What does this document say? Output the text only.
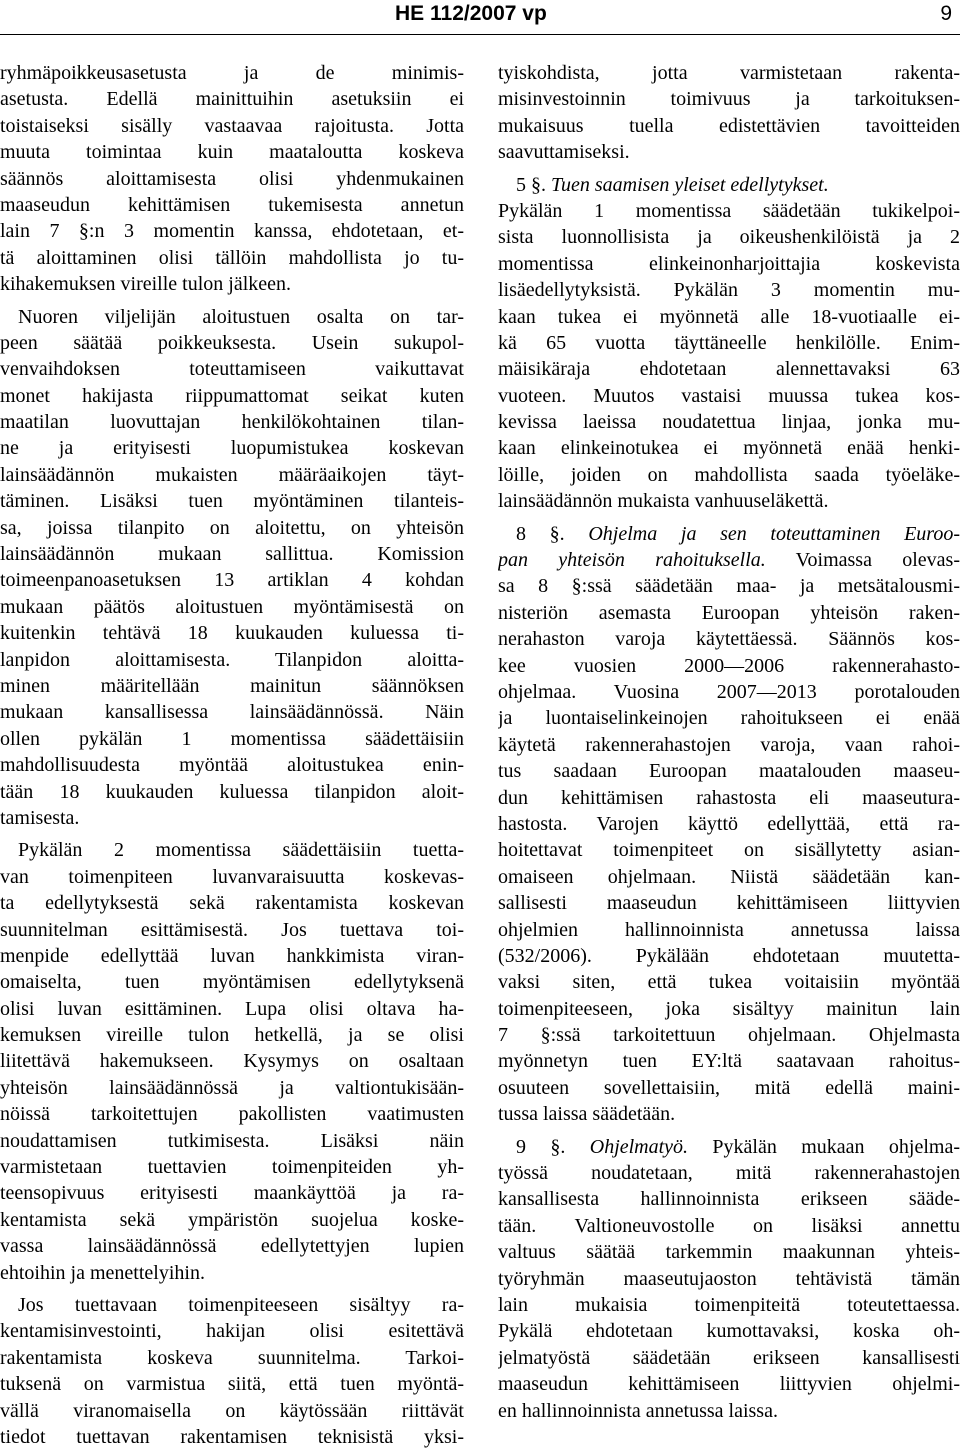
HE 112/2007 vp	9
ryhmäpoikkeusasetusta ja de minimis-
asetusta. Edellä mainittuihin asetuksiin ei
toistaiseksi sisälly vastaavaa rajoitusta. Jotta
muuta toimintaa kuin maataloutta koskeva
säännös aloittamisesta olisi yhdenmukainen
maaseudun kehittämisen tukemisesta annetun
lain 7 §:n 3 momentin kanssa, ehdotetaan, et-
tä aloittaminen olisi tällöin mahdollista jo tu-
kihakemuksen vireille tulon jälkeen.
Nuoren viljelijän aloitustuen osalta on tar-
peen säätää poikkeuksesta. Usein sukupol-
venvaihdoksen toteuttamiseen vaikuttavat
monet hakijasta riippumattomat seikat kuten
maatilan luovuttajan henkilökohtainen tilan-
ne ja erityisesti luopumistukea koskevan
lainsäädännön mukaisten määräaikojen täyt-
täminen. Lisäksi tuen myöntäminen tilanteis-
sa, joissa tilanpito on aloitettu, on yhteisön
lainsäädännön mukaan sallittua. Komission
toimeenpanoasetuksen 13 artiklan 4 kohdan
mukaan päätös aloitustuen myöntämisestä on
kuitenkin tehtävä 18 kuukauden kuluessa ti-
lanpidon aloittamisesta. Tilanpidon aloitta-
minen määritellään mainitun säännöksen
mukaan kansallisessa lainsäädännössä. Näin
ollen pykälän 1 momentissa säädettäisiin
mahdollisuudesta myöntää aloitustukea enin-
tään 18 kuukauden kuluessa tilanpidon aloit-
tamisesta.
Pykälän 2 momentissa säädettäisiin tuetta-
van toimenpiteen luvanvaraisuutta koskevas-
ta edellytyksestä sekä rakentamista koskevan
suunnitelman esittämisestä. Jos tuettava toi-
menpide edellyttää luvan hankkimista viran-
omaiselta, tuen myöntämisen edellytyksenä
olisi luvan esittäminen. Lupa olisi oltava ha-
kemuksen vireille tulon hetkellä, ja se olisi
liitettävä hakemukseen. Kysymys on osaltaan
yhteisön lainsäädännössä ja valtiontukisään-
nöissä tarkoitettujen pakollisten vaatimusten
noudattamisen tutkimisesta. Lisäksi näin
varmistetaan tuettavien toimenpiteiden yh-
teensopivuus erityisesti maankäyttöä ja ra-
kentamista sekä ympäristön suojelua koske-
vassa lainsäädännössä edellytettyjen lupien
ehtoihin ja menettelyihin.
Jos tuettavaan toimenpiteeseen sisältyy ra-
kentamisinvestointi, hakijan olisi esitettävä
rakentamista koskeva suunnitelma. Tarkoi-
tuksenä on varmistua siitä, että tuen myöntä-
vällä viranomaisella on käytössään riittävät
tiedot tuettavan rakentamisen teknisistä yksi-
tyiskohdista, jotta varmistetaan rakenta-
misinvestoinnin toimivuus ja tarkoituksen-
mukaisuus tuella edistettävien tavoitteiden
saavuttamiseksi.
5 §. Tuen saamisen yleiset edellytykset.
Pykälän 1 momentissa säädetään tukikelpoi-
sista luonnollisista ja oikeushenkilöistä ja 2
momentissa elinkeinonharjoittajia koskevista
lisäedellytyksistä. Pykälän 3 momentin mu-
kaan tukea ei myönnetä alle 18-vuotiaalle ei-
kä 65 vuotta täyttäneelle henkilölle. Enim-
mäisikäraja ehdotetaan alennettavaksi 63
vuoteen. Muutos vastaisi muussa tukea kos-
kevissa laeissa noudatettua linjaa, jonka mu-
kaan elinkeinotukea ei myönnetä enää henki-
löille, joiden on mahdollista saada työeläke-
lainsäädännön mukaista vanhuuseläkettä.
8 §. Ohjelma ja sen toteuttaminen Euroo-
pan yhteisön rahoituksella. Voimassa olevas-
sa 8 §:ssä säädetään maa- ja metsätalousmi-
nisteriön asemasta Euroopan yhteisön raken-
nerahaston varoja käytettäessä. Säännös kos-
kee vuosien 2000—2006 rakennerahasto-
ohjelmaa. Vuosina 2007—2013 porotalouden
ja luontaiselinkeinojen rahoitukseen ei enää
käytetä rakennerahastojen varoja, vaan rahoi-
tus saadaan Euroopan maatalouden maaseu-
dun kehittämisen rahastosta eli maaseutura-
hastosta. Varojen käyttö edellyttää, että ra-
hoitettavat toimenpiteet on sisällytetty asian-
omaiseen ohjelmaan. Niistä säädetään kan-
sallisesti maaseudun kehittämiseen liittyvien
ohjelmien hallinnoinnista annetussa laissa
(532/2006). Pykälään ehdotetaan muutetta-
vaksi siten, että tukea voitaisiin myöntää
toimenpiteeseen, joka sisältyy mainitun lain
7 §:ssä tarkoitettuun ohjelmaan. Ohjelmasta
myönnetyn tuen EY:ltä saatavaan rahoitus-
osuuteen sovellettaisiin, mitä edellä maini-
tussa laissa säädetään.
9 §. Ohjelmatyö. Pykälän mukaan ohjelma-
työssä noudatetaan, mitä rakennerahastojen
kansallisesta hallinnoinnista erikseen sääde-
tään. Valtioneuvostolle on lisäksi annettu
valtuus säätää tarkemmin maakunnan yhteis-
työryhmän maaseutujaoston tehtävistä tämän
lain mukaisia toimenpiteitä toteutettaessa.
Pykälä ehdotetaan kumottavaksi, koska oh-
jelmatyöstä säädetään erikseen kansallisesti
maaseudun kehittämiseen liittyvien ohjelmi-
en hallinnoinnista annetussa laissa.
